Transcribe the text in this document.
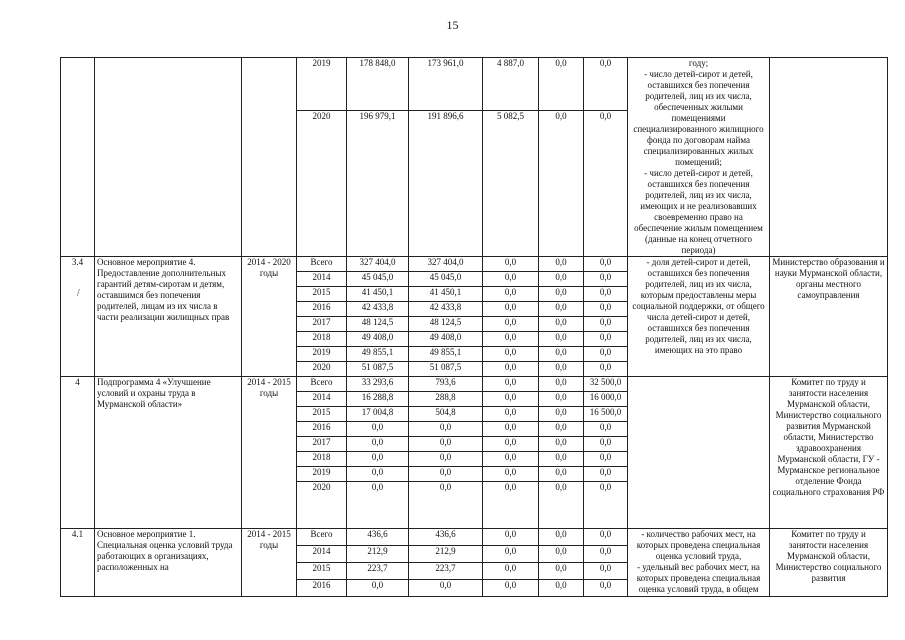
15
			2019	178 848,0	173 961,0	4 887,0	0,0	0,0	году;
- число детей-сирот и детей, оставшихся без попечения родителей, лиц из их числа, обеспеченных жилыми помещениями специализированного жилищного фонда по договорам найма специализированных жилых помещений;
- число детей-сирот и детей, оставшихся без попечения родителей, лиц из их числа, имеющих и не реализовавших своевременно право на обеспечение жилым помещением (данные на конец отчетного периода)	
			2020	196 979,1	191 896,6	5 082,5	0,0	0,0		
3.4	Основное мероприятие 4. Предоставление дополнительных гарантий детям-сиротам и детям, оставшимся без попечения родителей, лицам из их числа в части реализации жилищных прав	2014 - 2020 годы	Всего	327 404,0	327 404,0	0,0	0,0	0,0	- доля детей-сирот и детей, оставшихся без попечения родителей, лиц из их числа, которым предоставлены меры социальной поддержки, от общего числа детей-сирот и детей, оставшихся без попечения родителей, лиц из их числа, имеющих на это право	Министерство образования и науки Мурманской области, органы местного самоуправления
			2014	45 045,0	45 045,0	0,0	0,0	0,0		
			2015	41 450,1	41 450,1	0,0	0,0	0,0		
			2016	42 433,8	42 433,8	0,0	0,0	0,0		
			2017	48 124,5	48 124,5	0,0	0,0	0,0		
			2018	49 408,0	49 408,0	0,0	0,0	0,0		
			2019	49 855,1	49 855,1	0,0	0,0	0,0		
			2020	51 087,5	51 087,5	0,0	0,0	0,0		
4	Подпрограмма 4 «Улучшение условий и охраны труда в Мурманской области»	2014 - 2015 годы	Всего	33 293,6	793,6	0,0	0,0	32 500,0		Комитет по труду и занятости населения Мурманской области, Министерство социального развития Мурманской области, Министерство здравоохранения Мурманской области, ГУ - Мурманское региональное отделение Фонда социального страхования РФ
			2014	16 288,8	288,8	0,0	0,0	16 000,0		
			2015	17 004,8	504,8	0,0	0,0	16 500,0		
			2016	0,0	0,0	0,0	0,0	0,0		
			2017	0,0	0,0	0,0	0,0	0,0		
			2018	0,0	0,0	0,0	0,0	0,0		
			2019	0,0	0,0	0,0	0,0	0,0		
			2020	0,0	0,0	0,0	0,0	0,0		
4.1	Основное мероприятие 1. Специальная оценка условий труда работающих в организациях, расположенных на	2014 - 2015 годы	Всего	436,6	436,6	0,0	0,0	0,0	- количество рабочих мест, на которых проведена специальная оценка условий труда,
- удельный вес рабочих мест, на которых проведена специальная оценка условий труда, в общем	Комитет по труду и занятости населения Мурманской области, Министерство социального развития
			2014	212,9	212,9	0,0	0,0	0,0		
			2015	223,7	223,7	0,0	0,0	0,0		
			2016	0,0	0,0	0,0	0,0	0,0		
/
